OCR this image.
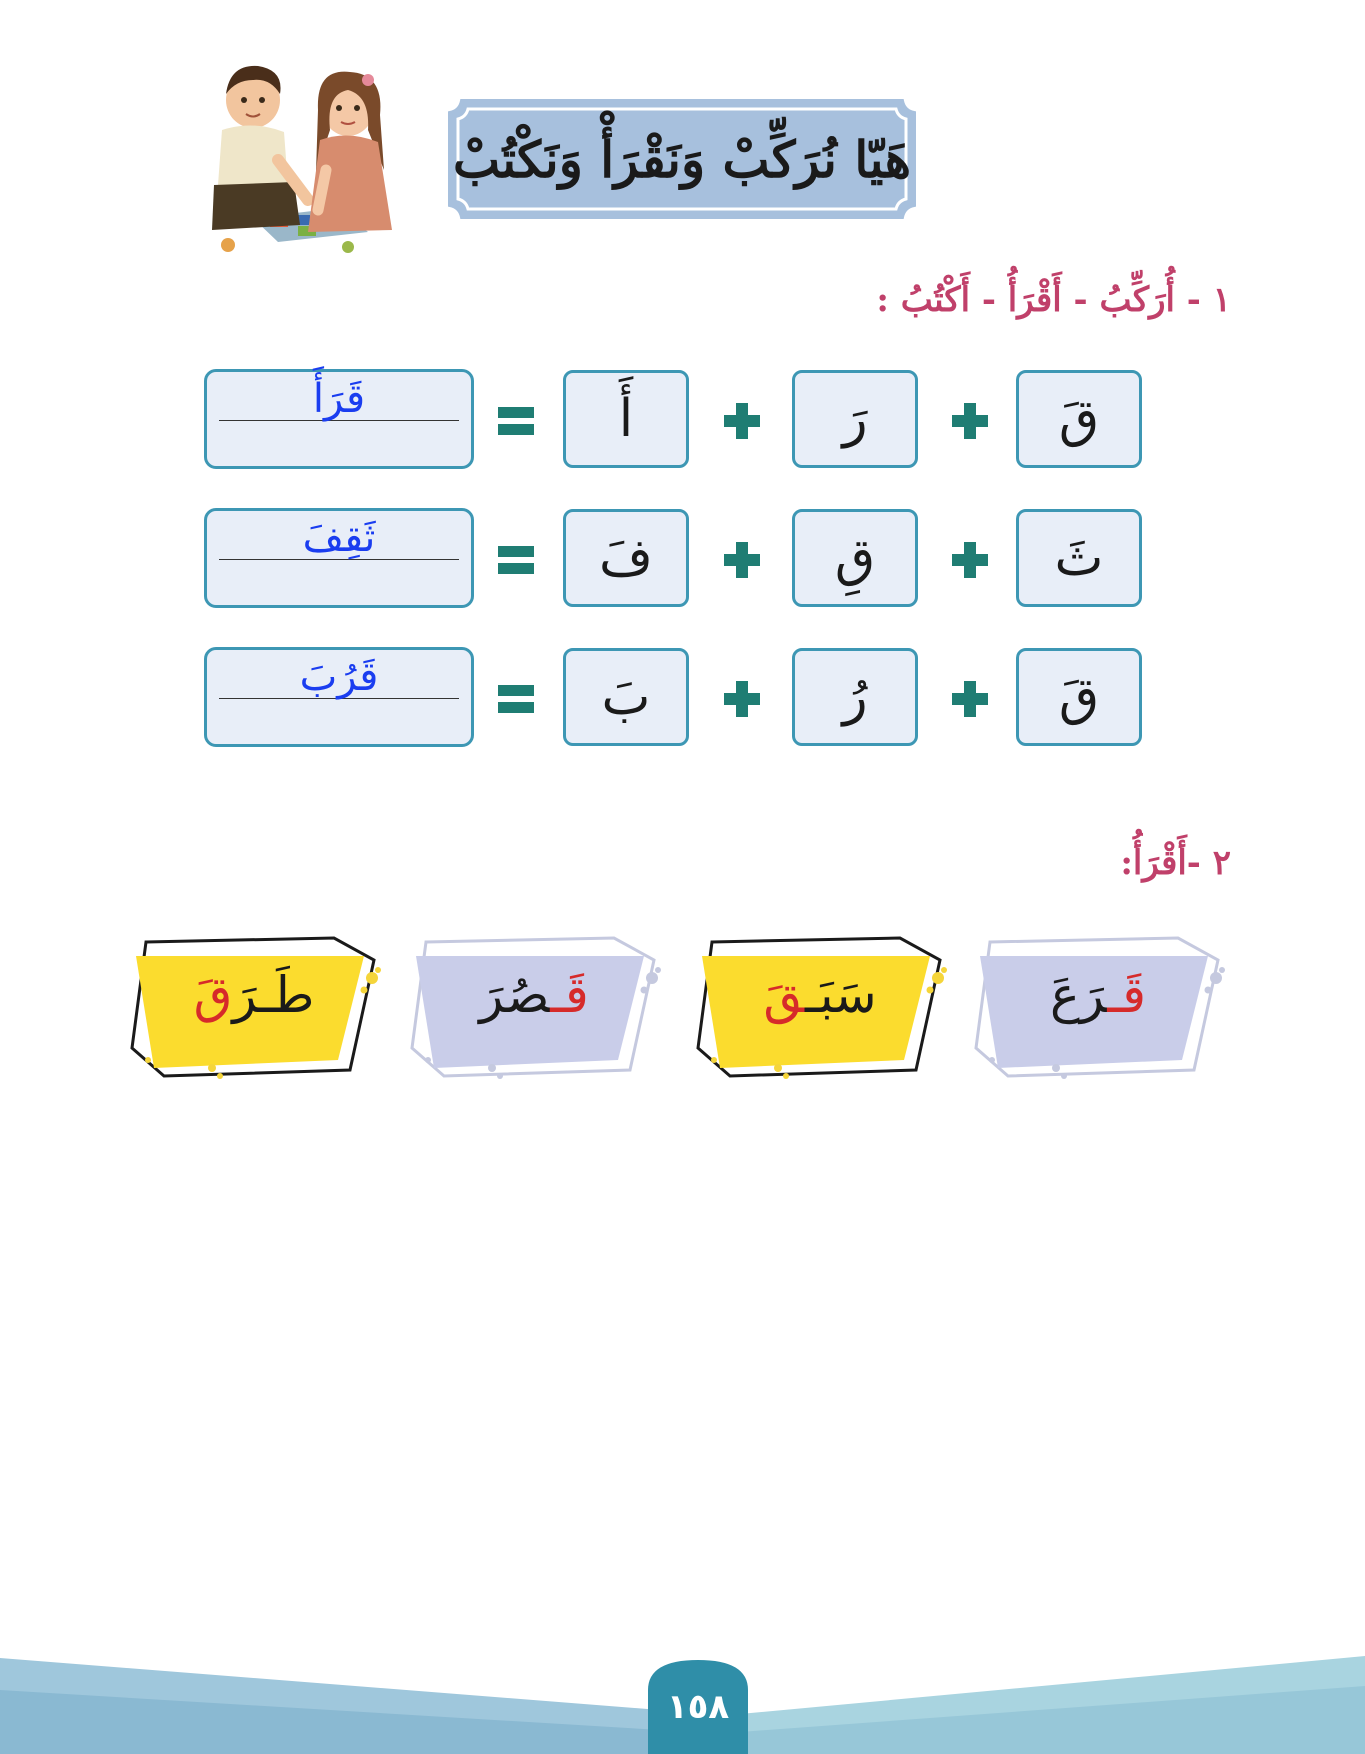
هَيّا نُرَكِّبْ وَنَقْرَأْ وَنَكْتُبْ
١ - أُرَكِّبُ - أَقْرَأُ - أَكْتُبُ :
قَ
رَ
أَ
قَرَأَ
ثَ
قِ
فَ
ثَقِفَ
قَ
رُ
بَ
قَرُبَ
٢ -أَقْرَأُ:
قَـرَعَ
سَبَـقَ
قَـصُرَ
طَـرَقَ
١٥٨
